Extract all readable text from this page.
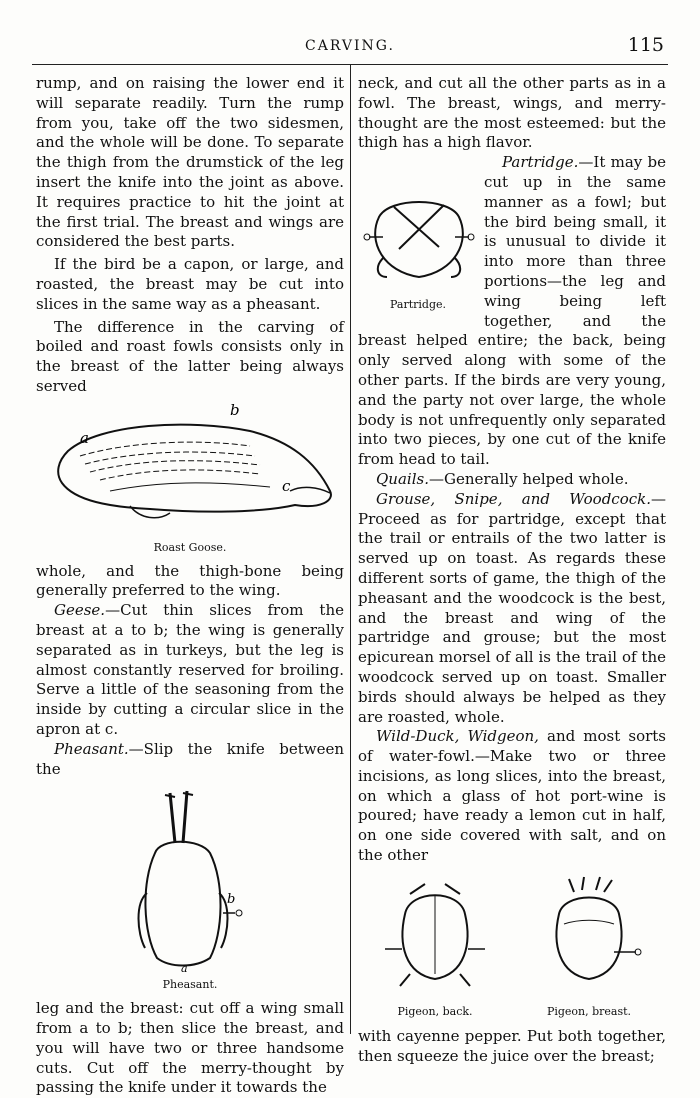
CARVING.	115

rump, and on raising the lower end it will separate readily. Turn the rump from you, take off the two sidesmen, and the whole will be done. To separate the thigh from the drumstick of the leg insert the knife into the joint as above. It requires practice to hit the joint at the first trial. The breast and wings are considered the best parts.

If the bird be a capon, or large, and roasted, the breast may be cut into slices in the same way as a pheasant.

The difference in the carving of boiled and roast fowls consists only in the breast of the latter being always served

a
b
c
Roast Goose.

whole, and the thigh-bone being generally preferred to the wing.

Geese.—Cut thin slices from the breast at a to b; the wing is generally separated as in turkeys, but the leg is almost constantly reserved for broiling. Serve a little of the seasoning from the inside by cutting a circular slice in the apron at c.

Pheasant.—Slip the knife between the

b
a
Pheasant.

leg and the breast: cut off a wing small from a to b; then slice the breast, and you will have two or three handsome cuts. Cut off the merry-thought by passing the knife under it towards the

neck, and cut all the other parts as in a fowl. The breast, wings, and merry-thought are the most esteemed: but the thigh has a high flavor.

Partridge.

Partridge.—It may be cut up in the same manner as a fowl; but the bird being small, it is unusual to divide it into more than three portions—the leg and wing being left together, and the breast helped entire; the back, being only served along with some of the other parts. If the birds are very young, and the party not over large, the whole body is not unfrequently only separated into two pieces, by one cut of the knife from head to tail.

Quails.—Generally helped whole.

Grouse, Snipe, and Woodcock.—Proceed as for partridge, except that the trail or entrails of the two latter is served up on toast. As regards these different sorts of game, the thigh of the pheasant and the woodcock is the best, and the breast and wing of the partridge and grouse; but the most epicurean morsel of all is the trail of the woodcock served up on toast. Smaller birds should always be helped as they are roasted, whole.

Wild-Duck, Widgeon, and most sorts of water-fowl.—Make two or three incisions, as long slices, into the breast, on which a glass of hot port-wine is poured; have ready a lemon cut in half, on one side covered with salt, and on the other

Pigeon, back.	Pigeon, breast.

with cayenne pepper. Put both together, then squeeze the juice over the breast;
